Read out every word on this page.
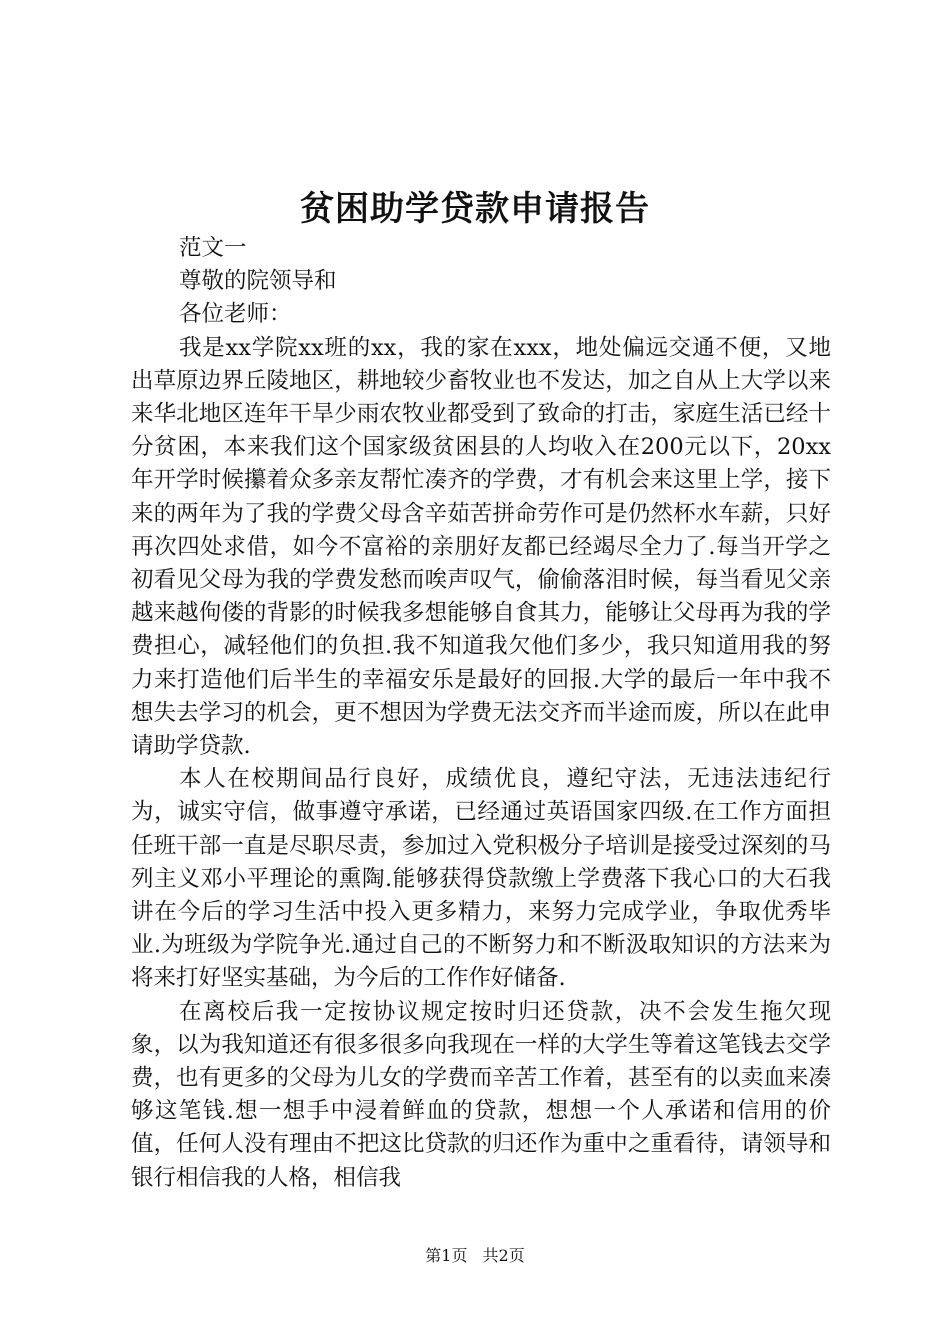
贫困助学贷款申请报告

范文一

尊敬的院领导和

各位老师：

我是xx学院xx班的xx，我的家在xxx，地处偏远交通不便，又地出草原边界丘陵地区，耕地较少畜牧业也不发达，加之自从上大学以来来华北地区连年干旱少雨农牧业都受到了致命的打击，家庭生活已经十分贫困，本来我们这个国家级贫困县的人均收入在200元以下，20xx年开学时候攥着众多亲友帮忙凑齐的学费，才有机会来这里上学，接下来的两年为了我的学费父母含辛茹苦拼命劳作可是仍然杯水车薪，只好再次四处求借，如今不富裕的亲朋好友都已经竭尽全力了.每当开学之初看见父母为我的学费发愁而唉声叹气，偷偷落泪时候，每当看见父亲越来越佝偻的背影的时候我多想能够自食其力，能够让父母再为我的学费担心，减轻他们的负担.我不知道我欠他们多少，我只知道用我的努力来打造他们后半生的幸福安乐是最好的回报.大学的最后一年中我不想失去学习的机会，更不想因为学费无法交齐而半途而废，所以在此申请助学贷款.

本人在校期间品行良好，成绩优良，遵纪守法，无违法违纪行为，诚实守信，做事遵守承诺，已经通过英语国家四级.在工作方面担任班干部一直是尽职尽责，参加过入党积极分子培训是接受过深刻的马列主义邓小平理论的熏陶.能够获得贷款缴上学费落下我心口的大石我讲在今后的学习生活中投入更多精力，来努力完成学业，争取优秀毕业.为班级为学院争光.通过自己的不断努力和不断汲取知识的方法来为将来打好坚实基础，为今后的工作作好储备.

在离校后我一定按协议规定按时归还贷款，决不会发生拖欠现象，以为我知道还有很多很多向我现在一样的大学生等着这笔钱去交学费，也有更多的父母为儿女的学费而辛苦工作着，甚至有的以卖血来凑够这笔钱.想一想手中浸着鲜血的贷款，想想一个人承诺和信用的价值，任何人没有理由不把这比贷款的归还作为重中之重看待，请领导和银行相信我的人格，相信我

第1页 共2页
